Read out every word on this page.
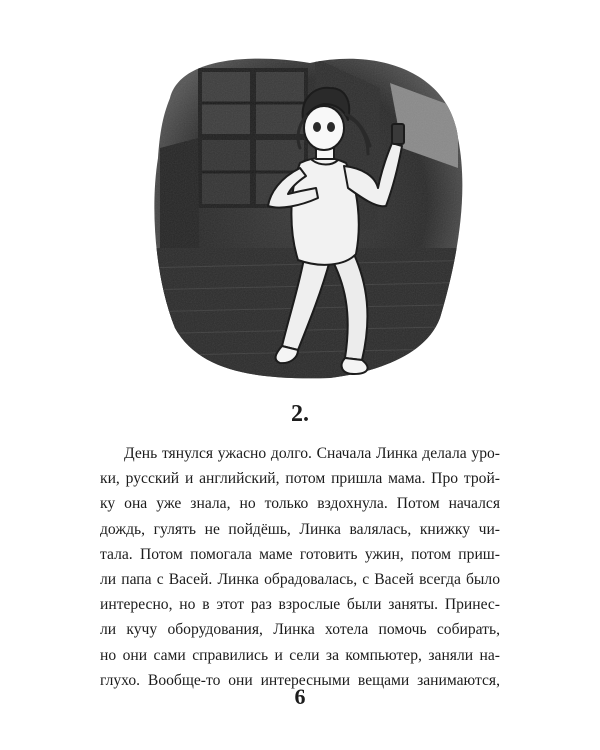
2.
День тянулся ужасно долго. Сначала Линка делала уро-
ки, русский и английский, потом пришла мама. Про трой-
ку она уже знала, но только вздохнула. Потом начался
дождь, гулять не пойдёшь, Линка валялась, книжку чи-
тала. Потом помогала маме готовить ужин, потом приш-
ли папа с Васей. Линка обрадовалась, с Васей всегда было
интересно, но в этот раз взрослые были заняты. Принес-
ли кучу оборудования, Линка хотела помочь собирать,
но они сами справились и сели за компьютер, заняли на-
глухо. Вообще-то они интересными вещами занимаются,
6
